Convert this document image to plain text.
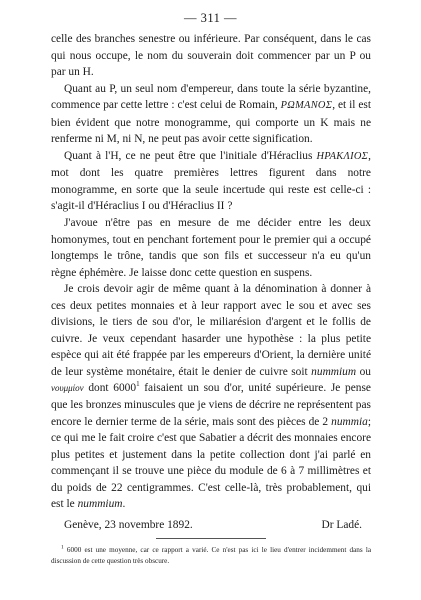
— 311 —

celle des branches senestre ou inférieure. Par conséquent, dans le cas qui nous occupe, le nom du souverain doit commencer par un P ou par un H.

Quant au P, un seul nom d'empereur, dans toute la série byzantine, commence par cette lettre : c'est celui de Romain, ΡΩΜΑΝΟΣ, et il est bien évident que notre monogramme, qui comporte un K mais ne renferme ni M, ni N, ne peut pas avoir cette signification.

Quant à l'H, ce ne peut être que l'initiale d'Héraclius ΗΡΑΚΛΙΟΣ, mot dont les quatre premières lettres figurent dans notre monogramme, en sorte que la seule incertude qui reste est celle-ci : s'agit-il d'Héraclius I ou d'Héraclius II ?

J'avoue n'être pas en mesure de me décider entre les deux homonymes, tout en penchant fortement pour le premier qui a occupé longtemps le trône, tandis que son fils et successeur n'a eu qu'un règne éphémère. Je laisse donc cette question en suspens.

Je crois devoir agir de même quant à la dénomination à donner à ces deux petites monnaies et à leur rapport avec le sou et avec ses divisions, le tiers de sou d'or, le miliarésion d'argent et le follis de cuivre. Je veux cependant hasarder une hypothèse : la plus petite espèce qui ait été frappée par les empereurs d'Orient, la dernière unité de leur système monétaire, était le denier de cuivre soit nummium ou νουμμίον dont 6000$^1$ faisaient un sou d'or, unité supérieure. Je pense que les bronzes minuscules que je viens de décrire ne représentent pas encore le dernier terme de la série, mais sont des pièces de 2 nummia; ce qui me le fait croire c'est que Sabatier a décrit des monnaies encore plus petites et justement dans la petite collection dont j'ai parlé en commençant il se trouve une pièce du module de 6 à 7 millimètres et du poids de 22 centigrammes. C'est celle-là, très probablement, qui est le nummium.

Genève, 23 novembre 1892.	Dr Ladé.
$^1$ 6000 est une moyenne, car ce rapport a varié. Ce n'est pas ici le lieu d'entrer incidemment dans la discussion de cette question très obscure.
